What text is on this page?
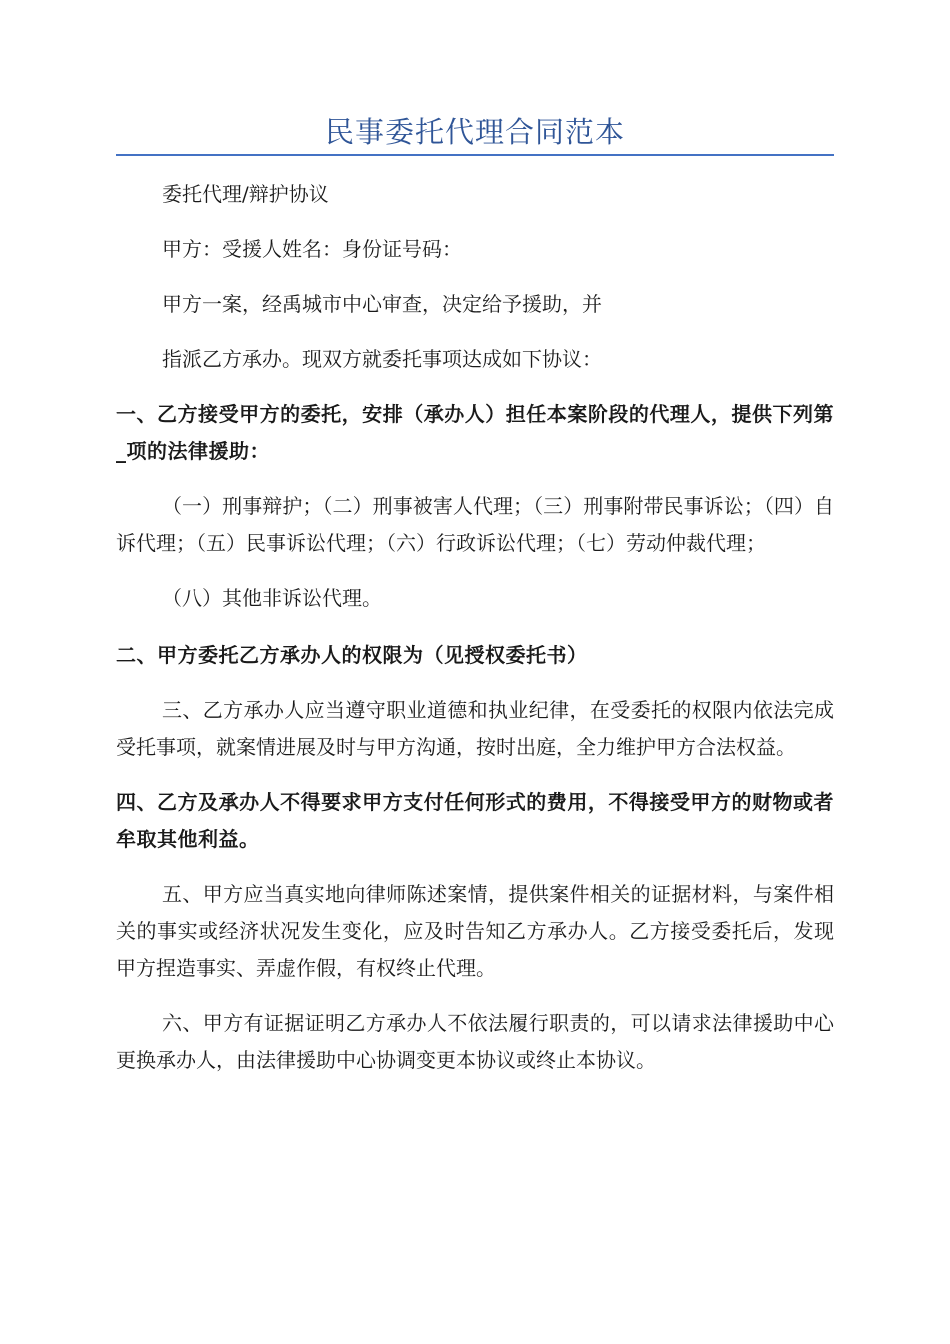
民事委托代理合同范本

委托代理/辩护协议

甲方：受援人姓名：身份证号码：

甲方一案，经禹城市中心审查，决定给予援助，并

指派乙方承办。现双方就委托事项达成如下协议：

一、乙方接受甲方的委托，安排（承办人）担任本案阶段的代理人，提供下列第_项的法律援助：

（一）刑事辩护；（二）刑事被害人代理；（三）刑事附带民事诉讼；（四）自诉代理；（五）民事诉讼代理；（六）行政诉讼代理；（七）劳动仲裁代理；

（八）其他非诉讼代理。

二、甲方委托乙方承办人的权限为（见授权委托书）

三、乙方承办人应当遵守职业道德和执业纪律，在受委托的权限内依法完成受托事项，就案情进展及时与甲方沟通，按时出庭，全力维护甲方合法权益。

四、乙方及承办人不得要求甲方支付任何形式的费用，不得接受甲方的财物或者牟取其他利益。

五、甲方应当真实地向律师陈述案情，提供案件相关的证据材料，与案件相关的事实或经济状况发生变化，应及时告知乙方承办人。乙方接受委托后，发现甲方捏造事实、弄虚作假，有权终止代理。

六、甲方有证据证明乙方承办人不依法履行职责的，可以请求法律援助中心更换承办人，由法律援助中心协调变更本协议或终止本协议。
